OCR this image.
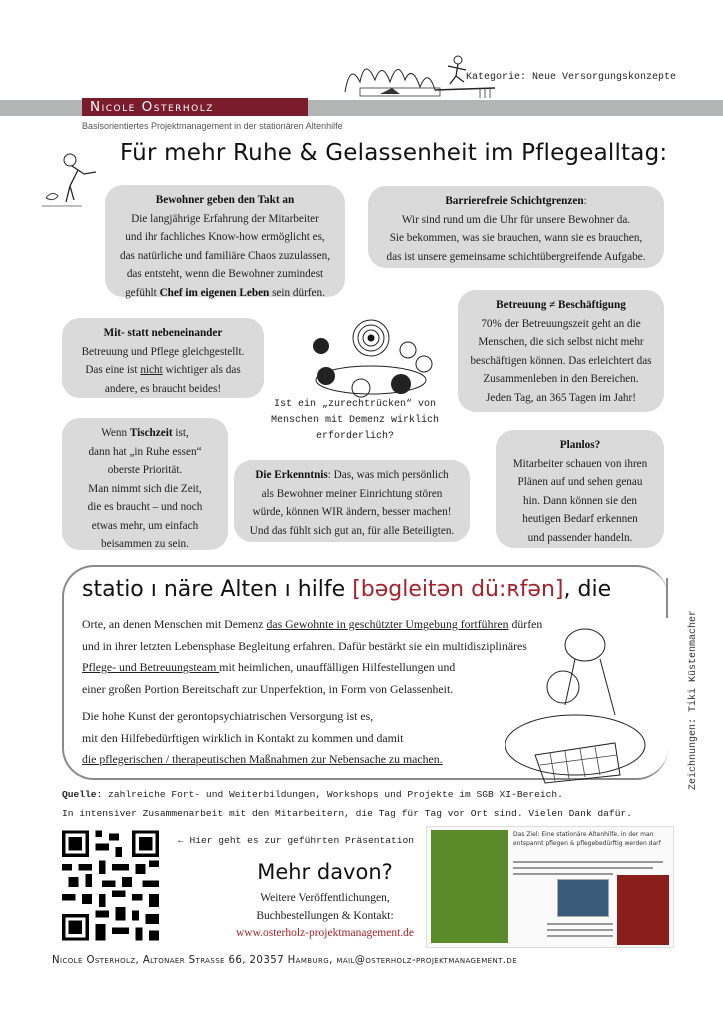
Kategorie: Neue Versorgungskonzepte
Nicole Osterholz
Basisorientiertes Projektmanagement in der stationären Altenhilfe
Für mehr Ruhe & Gelassenheit im Pflegealltag:
Bewohner geben den Takt an
Die langjährige Erfahrung der Mitarbeiter
und ihr fachliches Know-how ermöglicht es,
das natürliche und familiäre Chaos zuzulassen,
das entsteht, wenn die Bewohner zumindest
gefühlt Chef im eigenen Leben sein dürfen.
Barrierefreie Schichtgrenzen:
Wir sind rund um die Uhr für unsere Bewohner da.
Sie bekommen, was sie brauchen, wann sie es brauchen,
das ist unsere gemeinsame schichtübergreifende Aufgabe.
Betreuung ≠ Beschäftigung
70% der Betreuungszeit geht an die
Menschen, die sich selbst nicht mehr
beschäftigen können. Das erleichtert das
Zusammenleben in den Bereichen.
Jeden Tag, an 365 Tagen im Jahr!
Mit- statt nebeneinander
Betreuung und Pflege gleichgestellt.
Das eine ist nicht wichtiger als das
andere, es braucht beides!
Wenn Tischzeit ist,
dann hat „in Ruhe essen“
oberste Priorität.
Man nimmt sich die Zeit,
die es braucht – und noch
etwas mehr, um einfach
beisammen zu sein.
Die Erkenntnis: Das, was mich persönlich
als Bewohner meiner Einrichtung stören
würde, können WIR ändern, besser machen!
Und das fühlt sich gut an, für alle Beteiligten.
Planlos?
Mitarbeiter schauen von ihren
Plänen auf und sehen genau
hin. Dann können sie den
heutigen Bedarf erkennen
und passender handeln.
Ist ein „zurechtrücken“ von
Menschen mit Demenz wirklich erforderlich?
statio ı näre Alten ı hilfe [bəgleitən dü:ʀfən], die

Orte, an denen Menschen mit Demenz das Gewohnte in geschützter Umgebung fortführen dürfen

und in ihrer letzten Lebensphase Begleitung erfahren. Dafür bestärkt sie ein multidisziplinäres

Pflege- und Betreuungsteam mit heimlichen, unauffälligen Hilfestellungen und

einer großen Portion Bereitschaft zur Unperfektion, in Form von Gelassenheit.

Die hohe Kunst der gerontopsychiatrischen Versorgung ist es,

mit den Hilfebedürftigen wirklich in Kontakt zu kommen und damit

die pflegerischen / therapeutischen Maßnahmen zur Nebensache zu machen.	Zeichnungen: Tiki Küstenmacher
Quelle: zahlreiche Fort- und Weiterbildungen, Workshops und Projekte im SGB XI-Bereich.
In intensiver Zusammenarbeit mit den Mitarbeitern, die Tag für Tag vor Ort sind. Vielen Dank dafür.
← Hier geht es zur geführten Präsentation
Mehr davon?
Weitere Veröffentlichungen,
Buchbestellungen & Kontakt:
www.osterholz-projektmanagement.de
Das Ziel: Eine stationäre Altenhilfe, in der man entspannt pflegen & pflegebedürftig werden darf
Nicole Osterholz, Altonaer Strasse 66, 20357 Hamburg, mail@osterholz-projektmanagement.de
